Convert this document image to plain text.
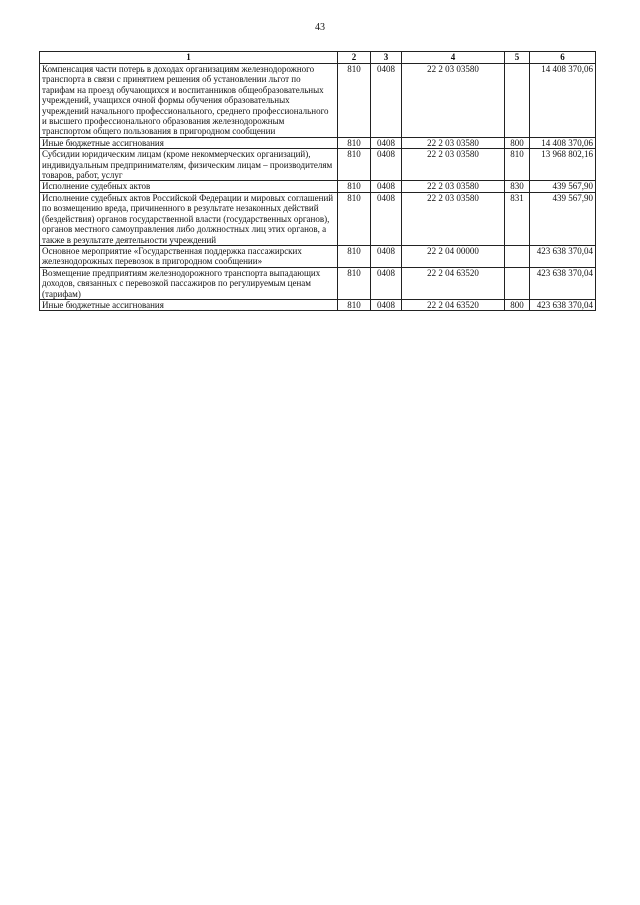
43
1	2	3	4	5	6
Компенсация части потерь в доходах организациям железнодорожного транспорта в связи с принятием решения об установлении льгот по тарифам на проезд обучающихся и воспитанников общеобразовательных учреждений, учащихся очной формы обучения образовательных учреждений начального профессионального, среднего профессионального и высшего профессионального образования железнодорожным транспортом общего пользования в пригородном сообщении	810	0408	22 2 03 03580		14 408 370,06
Иные бюджетные ассигнования	810	0408	22 2 03 03580	800	14 408 370,06
Субсидии юридическим лицам (кроме некоммерческих организаций), индивидуальным предпринимателям, физическим лицам – производителям товаров, работ, услуг	810	0408	22 2 03 03580	810	13 968 802,16
Исполнение судебных актов	810	0408	22 2 03 03580	830	439 567,90
Исполнение судебных актов Российской Федерации и мировых соглашений по возмещению вреда, причиненного в результате незаконных действий (бездействия) органов государственной власти (государственных органов), органов местного самоуправления либо должностных лиц этих органов, а также в результате деятельности учреждений	810	0408	22 2 03 03580	831	439 567,90
Основное мероприятие «Государственная поддержка пассажирских железнодорожных перевозок в пригородном сообщении»	810	0408	22 2 04 00000		423 638 370,04
Возмещение предприятиям железнодорожного транспорта выпадающих доходов, связанных с перевозкой пассажиров по регулируемым ценам (тарифам)	810	0408	22 2 04 63520		423 638 370,04
Иные бюджетные ассигнования	810	0408	22 2 04 63520	800	423 638 370,04
